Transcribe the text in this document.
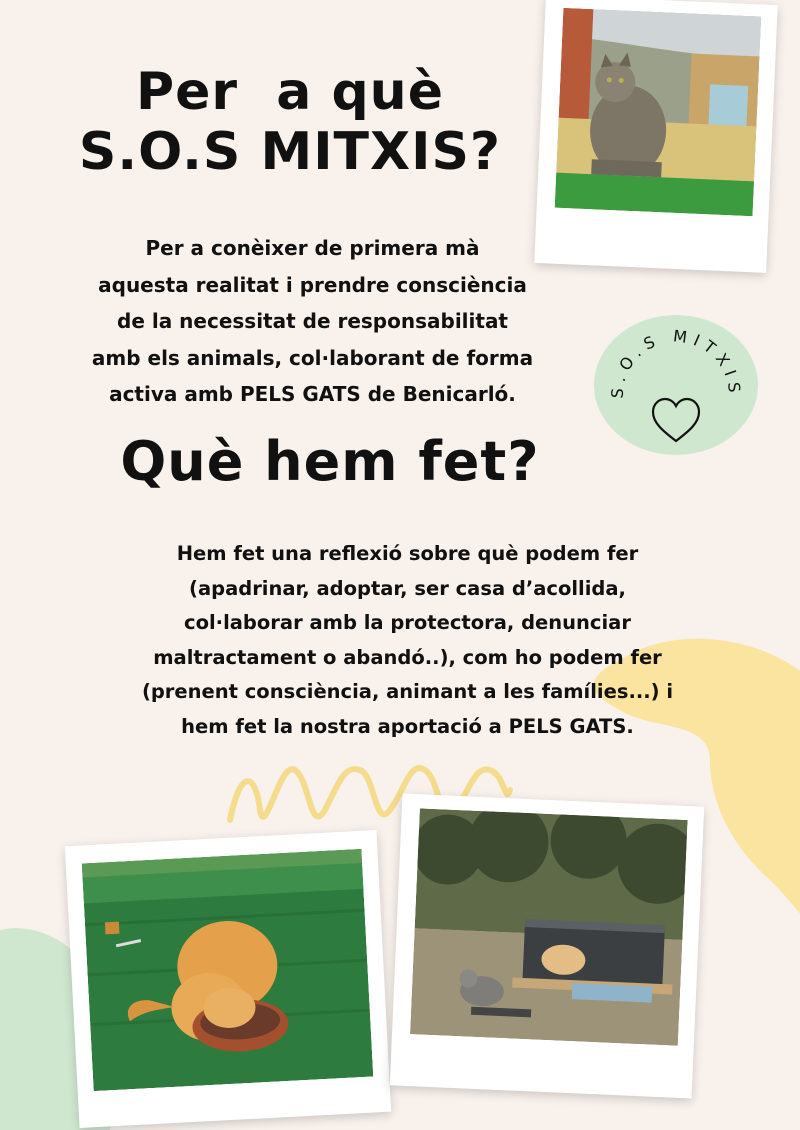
Per  a què
S.O.S MITXIS?

Per a conèixer de primera mà
aquesta realitat i prendre consciència
de la necessitat de responsabilitat
amb els animals, col·laborant de forma
activa amb PELS GATS de Benicarló.

Què hem fet?

Hem fet una reflexió sobre què podem fer
(apadrinar, adoptar, ser casa d’acollida,
col·laborar amb la protectora, denunciar
maltractament o abandó..), com ho podem fer
(prenent consciència, animant a les famílies...) i
hem fet la nostra aportació a PELS GATS.

S.O.S MITXIS
